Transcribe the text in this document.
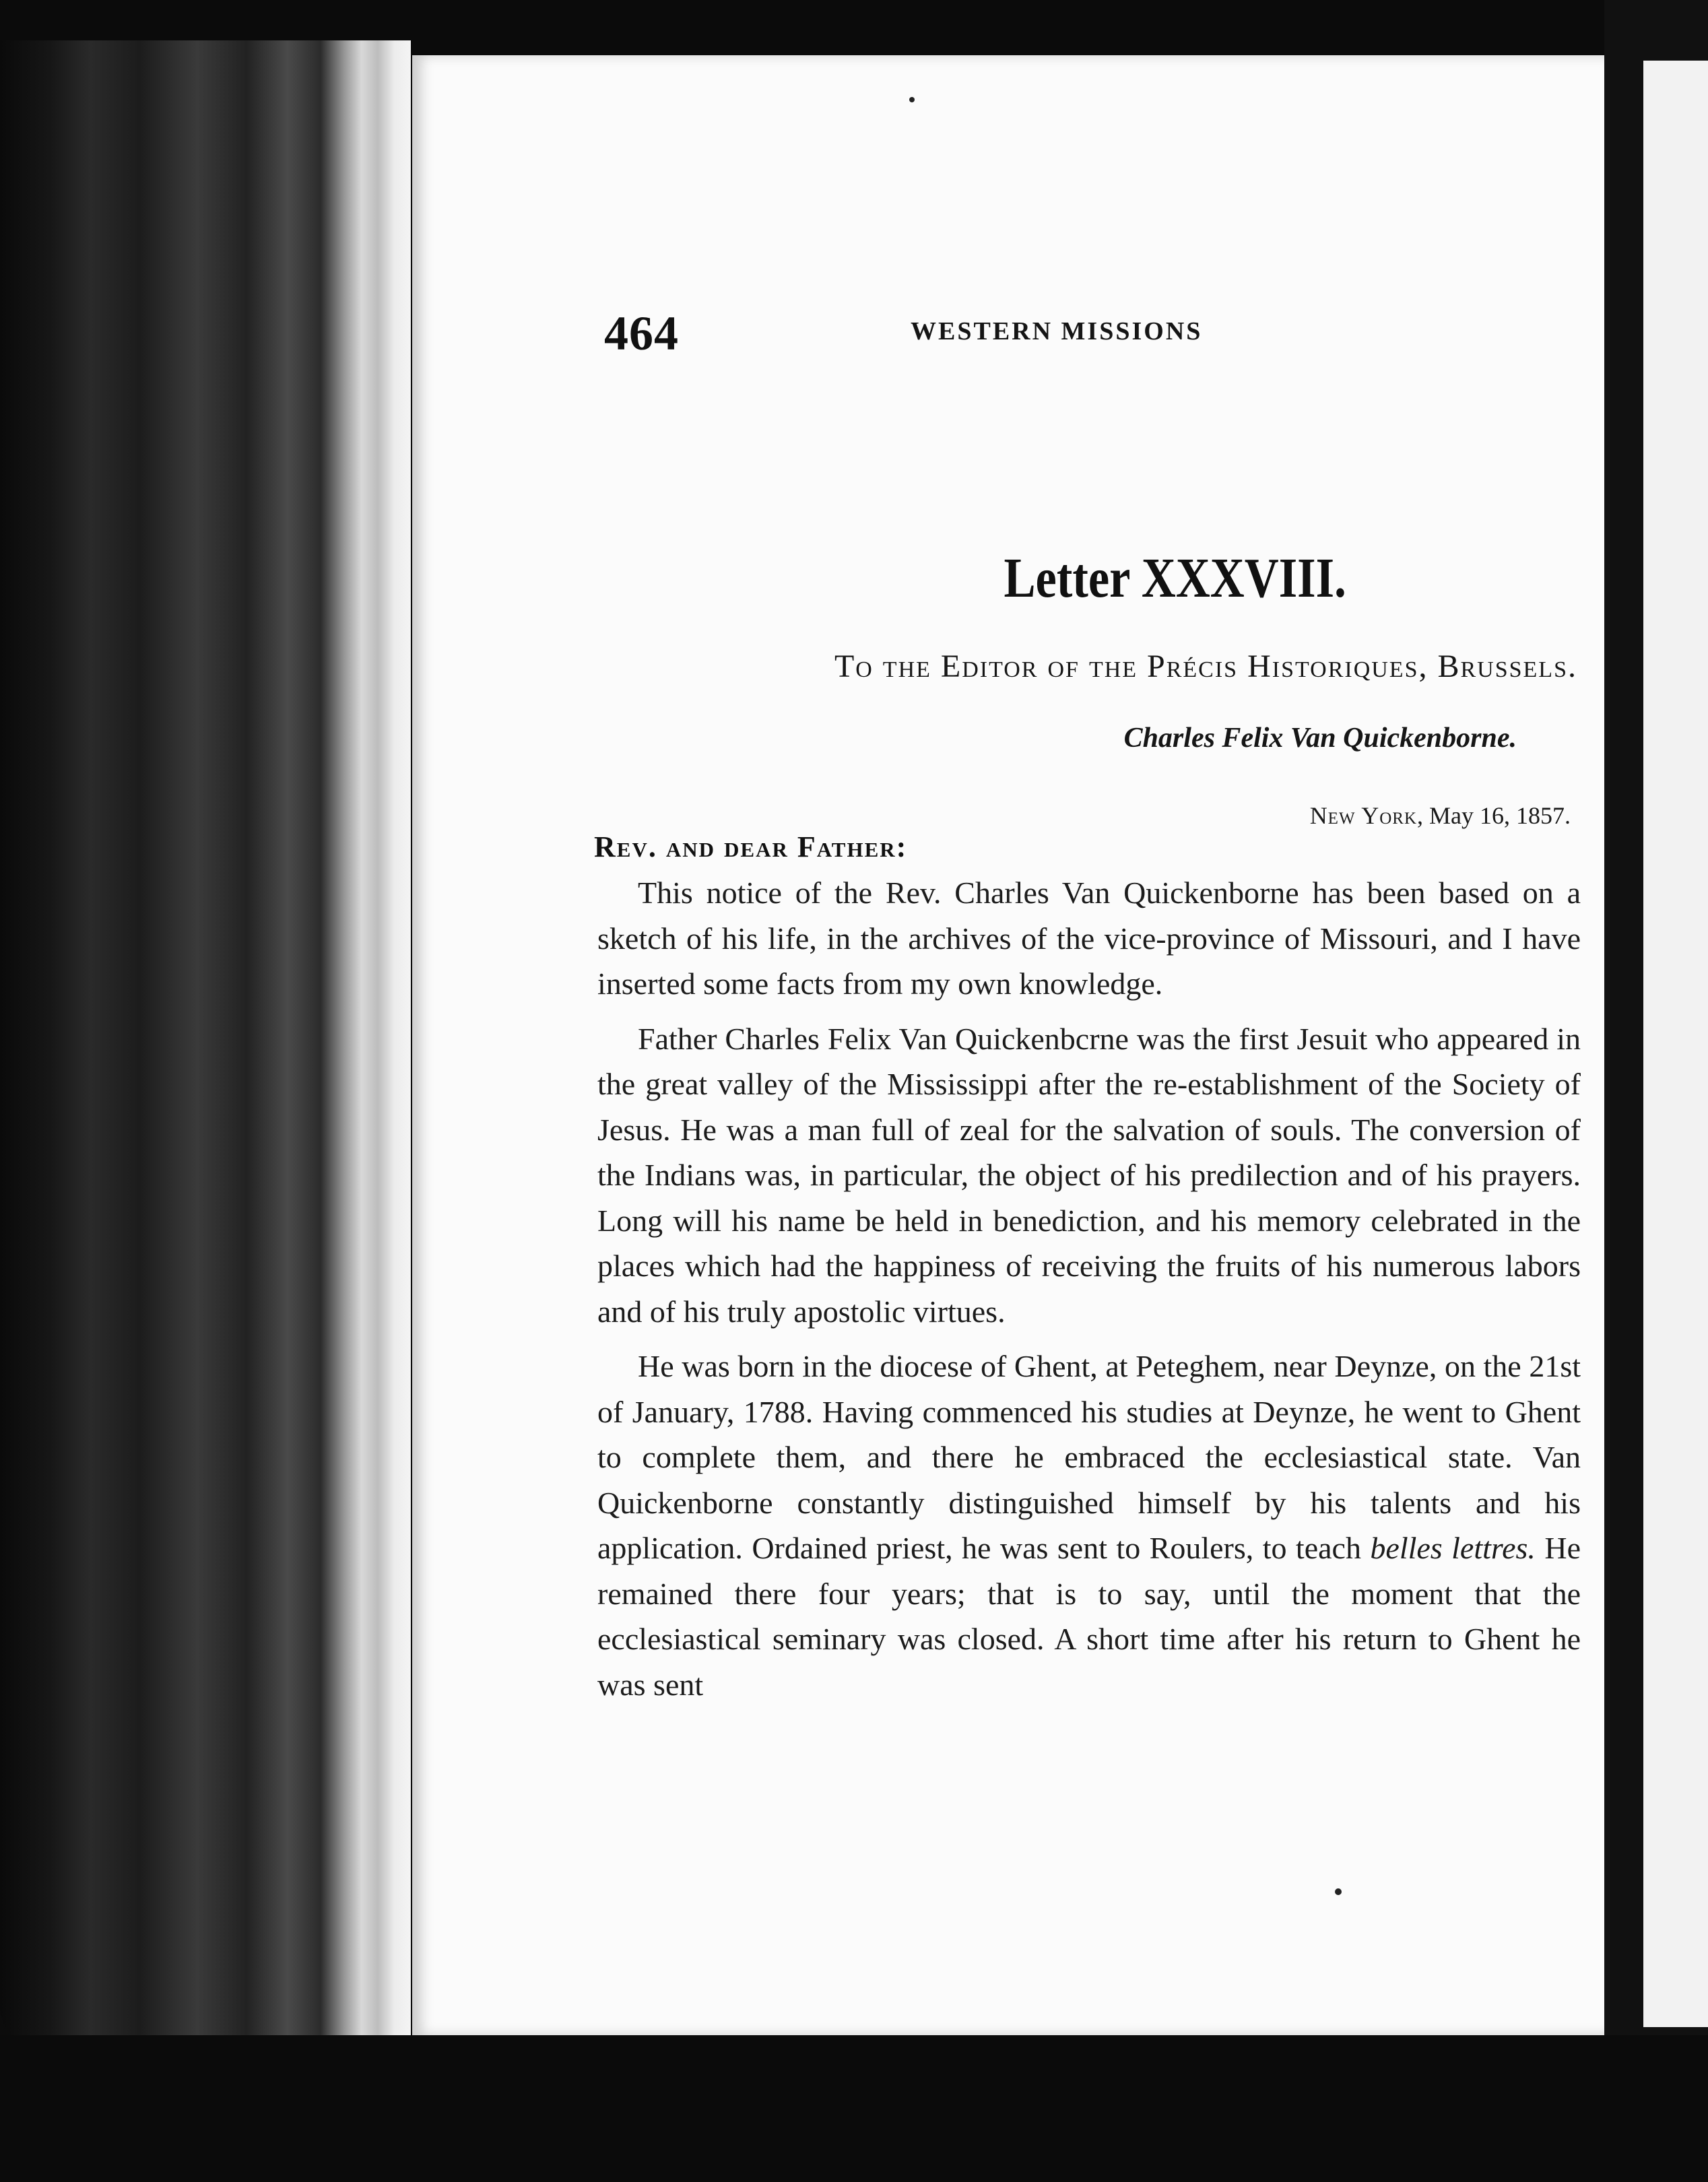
464	WESTERN MISSIONS
Letter XXXVIII.
To the Editor of the Précis Historiques, Brussels.
Charles Felix Van Quickenborne.
New York, May 16, 1857.
Rev. and dear Father:

This notice of the Rev. Charles Van Quickenborne has been based on a sketch of his life, in the archives of the vice-province of Missouri, and I have inserted some facts from my own knowledge.

Father Charles Felix Van Quickenbcrne was the first Jesuit who appeared in the great valley of the Mississippi after the re-establishment of the Society of Jesus. He was a man full of zeal for the salvation of souls. The conversion of the Indians was, in particular, the object of his predilection and of his prayers. Long will his name be held in benediction, and his memory celebrated in the places which had the happiness of receiving the fruits of his numerous labors and of his truly apostolic virtues.

He was born in the diocese of Ghent, at Peteghem, near Deynze, on the 21st of January, 1788. Having commenced his studies at Deynze, he went to Ghent to complete them, and there he embraced the ecclesiastical state. Van Quickenborne constantly distinguished himself by his talents and his application. Ordained priest, he was sent to Roulers, to teach belles lettres. He remained there four years; that is to say, until the moment that the ecclesiastical seminary was closed. A short time after his return to Ghent he was sent
